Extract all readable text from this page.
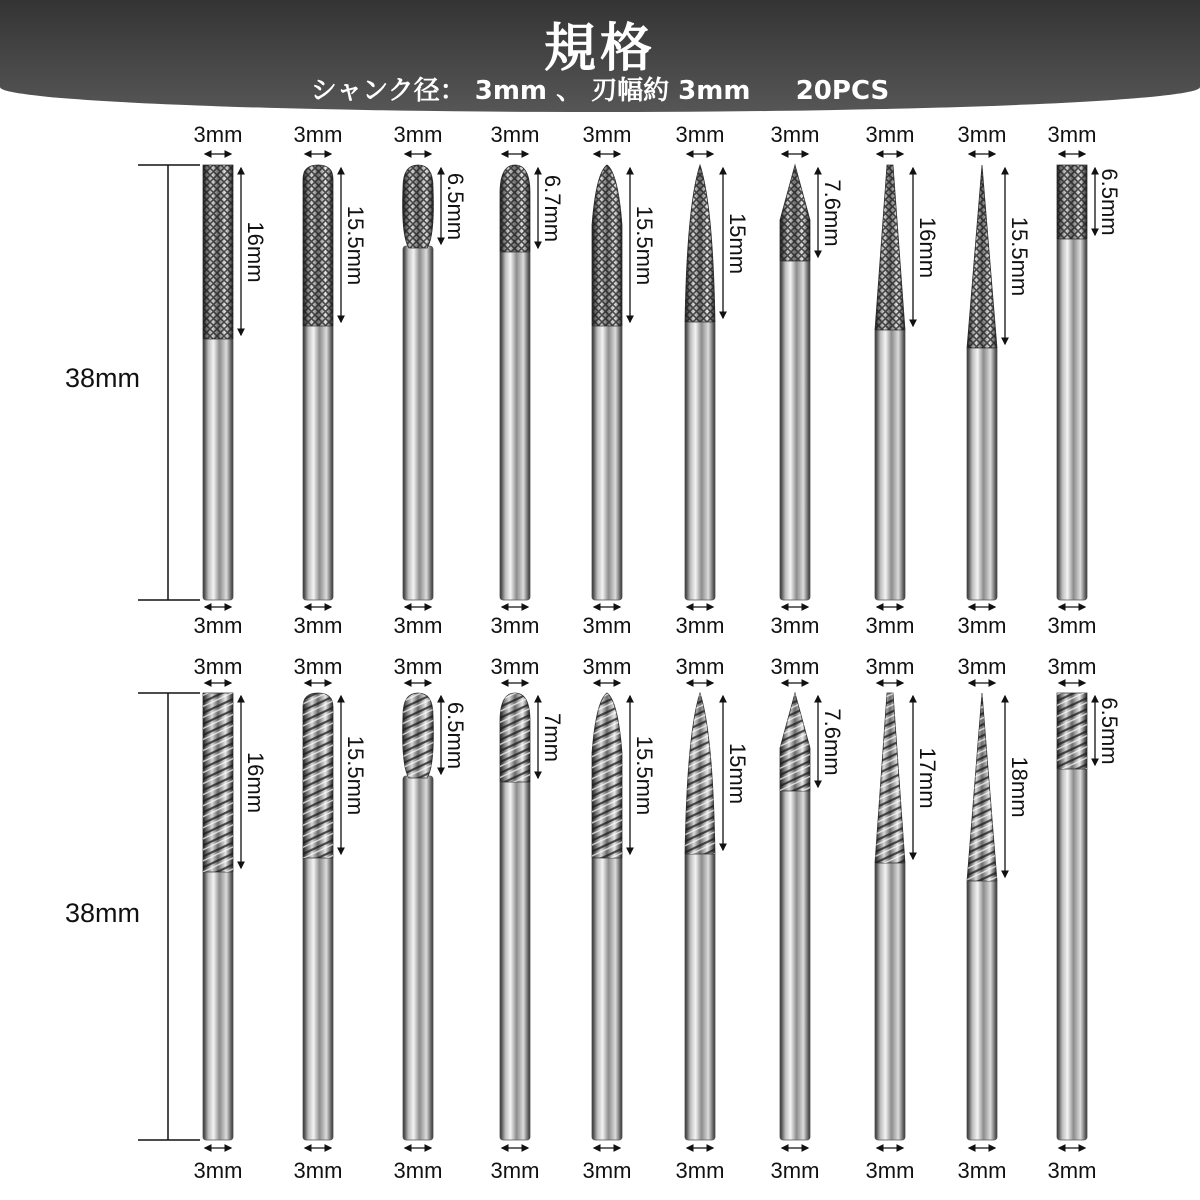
規格
シャンク径： 3mm 、 刃幅約 3mm     20PCS
38mm
3mm
3mm
16mm
3mm
3mm
15.5mm
3mm
3mm
6.5mm
3mm
3mm
6.7mm
3mm
3mm
15.5mm
3mm
3mm
15mm
3mm
3mm
7.6mm
3mm
3mm
16mm
3mm
3mm
15.5mm
3mm
3mm
6.5mm
38mm
3mm
3mm
16mm
3mm
3mm
15.5mm
3mm
3mm
6.5mm
3mm
3mm
7mm
3mm
3mm
15.5mm
3mm
3mm
15mm
3mm
3mm
7.6mm
3mm
3mm
17mm
3mm
3mm
18mm
3mm
3mm
6.5mm
